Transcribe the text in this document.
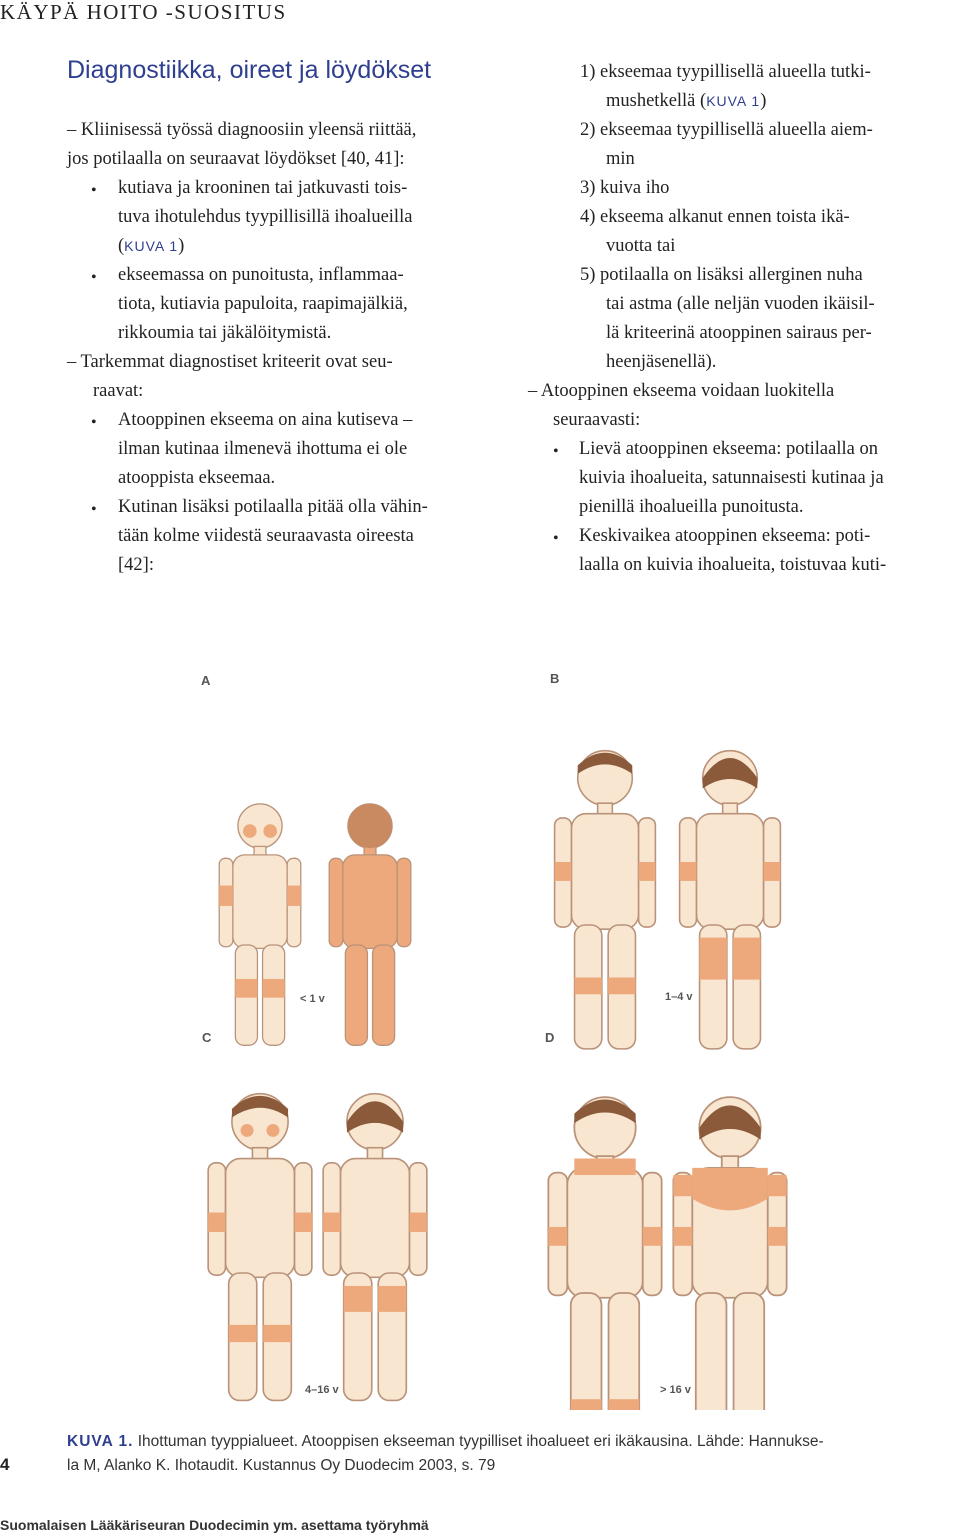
KÄYPÄ HOITO -SUOSITUS
Diagnostiikka, oireet ja löydökset
– Kliinisessä työssä diagnoosiin yleensä riittää,
jos potilaalla on seuraavat löydökset [40, 41]:
• kutiava ja krooninen tai jatkuvasti tois-
tuva ihotulehdus tyypillisillä ihoalueilla
(KUVA 1)
• ekseemassa on punoitusta, inflammaa-
tiota, kutiavia papuloita, raapimajälkiä,
rikkoumia tai jäkälöitymistä.
– Tarkemmat diagnostiset kriteerit ovat seu-
raavat:
• Atooppinen ekseema on aina kutiseva –
ilman kutinaa ilmenevä ihottuma ei ole
atooppista ekseemaa.
• Kutinan lisäksi potilaalla pitää olla vähin-
tään kolme viidestä seuraavasta oireesta
[42]:
1) ekseemaa tyypillisellä alueella tutki-
mushetkellä (KUVA 1)
2) ekseemaa tyypillisellä alueella aiem-
min
3) kuiva iho
4) ekseema alkanut ennen toista ikä-
vuotta tai
5) potilaalla on lisäksi allerginen nuha
tai astma (alle neljän vuoden ikäisil-
lä kriteerinä atooppinen sairaus per-
heenjäsenellä).
– Atooppinen ekseema voidaan luokitella
seuraavasti:
• Lievä atooppinen ekseema: potilaalla on
kuivia ihoalueita, satunnaisesti kutinaa ja
pienillä ihoalueilla punoitusta.
• Keskivaikea atooppinen ekseema: poti-
laalla on kuivia ihoalueita, toistuvaa kuti-
A
< 1 v
B
1–4 v
C
4–16 v
D
> 16 v
4
KUVA 1. Ihottuman tyyppialueet. Atooppisen ekseeman tyypilliset ihoalueet eri ikäkausina. Lähde: Hannukse-
la M, Alanko K. Ihotaudit. Kustannus Oy Duodecim 2003, s. 79
Suomalaisen Lääkäriseuran Duodecimin ym. asettama työryhmä
